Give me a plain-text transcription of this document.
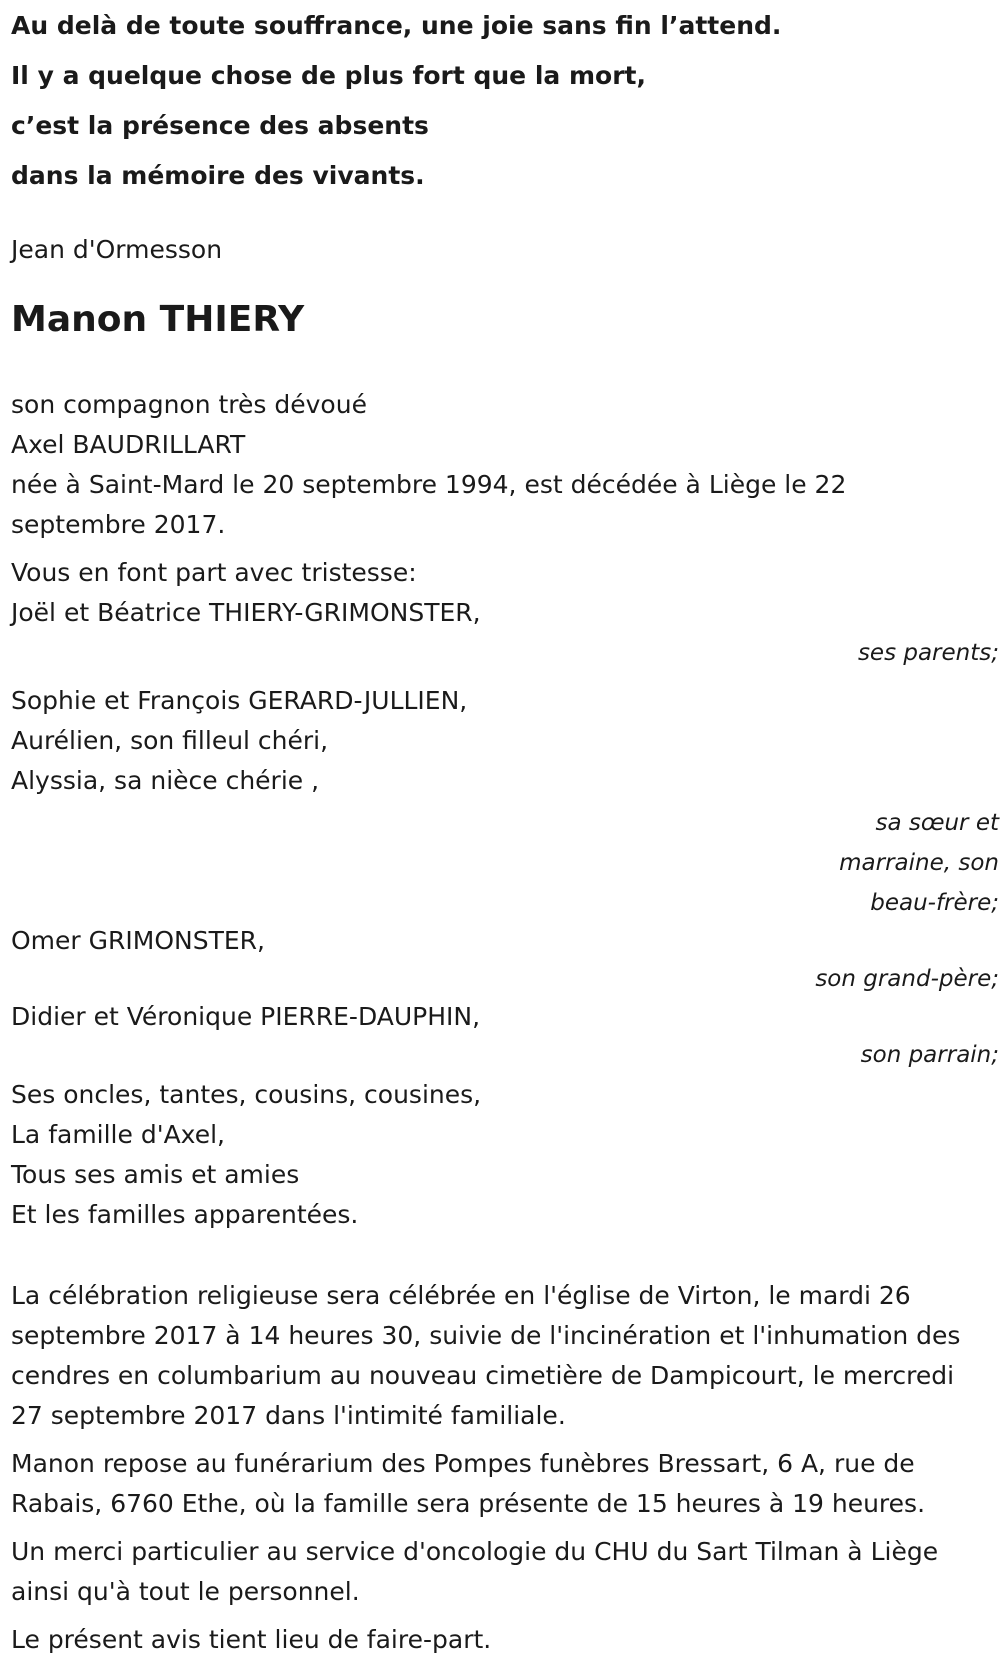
Au delà de toute souffrance, une joie sans fin l’attend.
Il y a quelque chose de plus fort que la mort,
c’est la présence des absents
dans la mémoire des vivants.
Jean d'Ormesson
Manon THIERY
son compagnon très dévoué
Axel BAUDRILLART

née à Saint-Mard le 20 septembre 1994, est décédée à Liège le 22 septembre 2017.

Vous en font part avec tristesse:
Joël et Béatrice THIERY-GRIMONSTER,
ses parents;
Sophie et François GERARD-JULLIEN,
Aurélien, son filleul chéri,
Alyssia, sa nièce chérie ,
sa sœur et
marraine, son
beau-frère;
Omer GRIMONSTER,
son grand-père;
Didier et Véronique PIERRE-DAUPHIN,
son parrain;
Ses oncles, tantes, cousins, cousines,
La famille d'Axel,
Tous ses amis et amies
Et les familles apparentées.

La célébration religieuse sera célébrée en l'église de Virton, le mardi 26 septembre 2017 à 14 heures 30, suivie de l'incinération et l'inhumation des cendres en columbarium au nouveau cimetière de Dampicourt, le mercredi 27 septembre 2017 dans l'intimité familiale.

Manon repose au funérarium des Pompes funèbres Bressart, 6 A, rue de Rabais, 6760 Ethe, où la famille sera présente de 15 heures à 19 heures.

Un merci particulier au service d'oncologie du CHU du Sart Tilman à Liège ainsi qu'à tout le personnel.

Le présent avis tient lieu de faire-part.
